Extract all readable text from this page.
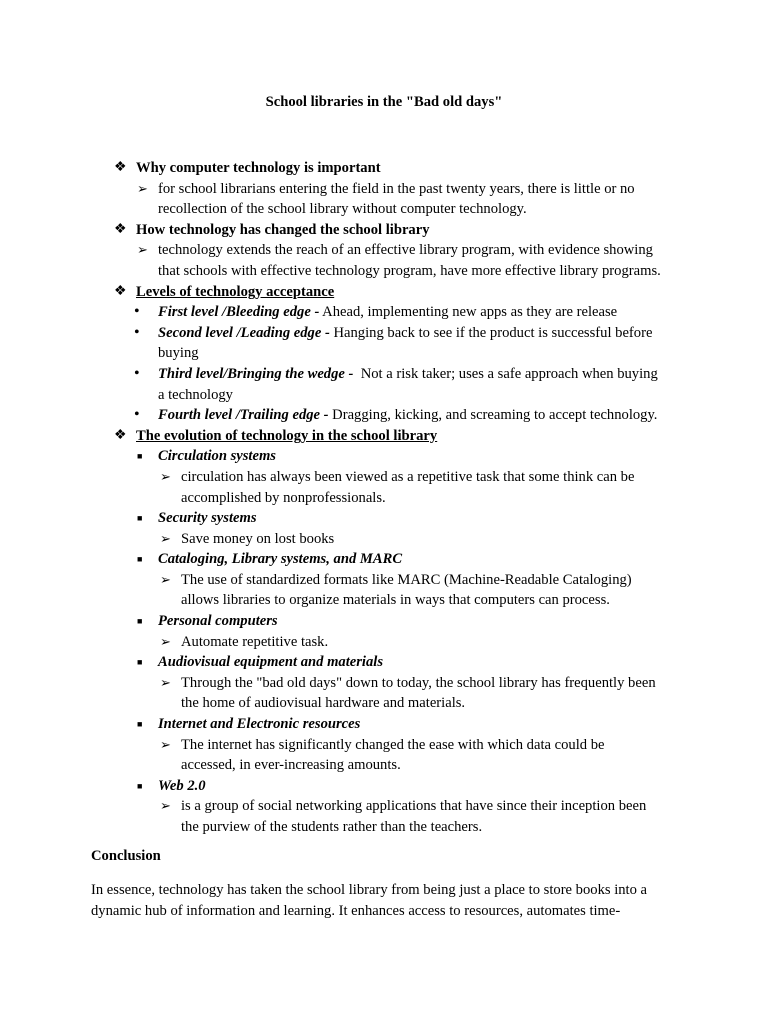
School libraries in the "Bad old days"
❖ Why computer technology is important
➢ for school librarians entering the field in the past twenty years, there is little or no
recollection of the school library without computer technology.
❖ How technology has changed the school library
➢ technology extends the reach of an effective library program, with evidence showing
that schools with effective technology program, have more effective library programs.
❖ Levels of technology acceptance
• First level /Bleeding edge - Ahead, implementing new apps as they are release
• Second level /Leading edge - Hanging back to see if the product is successful before
buying
• Third level/Bringing the wedge -  Not a risk taker; uses a safe approach when buying
a technology
• Fourth level /Trailing edge - Dragging, kicking, and screaming to accept technology.
❖ The evolution of technology in the school library
■ Circulation systems
➢ circulation has always been viewed as a repetitive task that some think can be
accomplished by nonprofessionals.
■ Security systems
➢ Save money on lost books
■ Cataloging, Library systems, and MARC
➢ The use of standardized formats like MARC (Machine-Readable Cataloging)
allows libraries to organize materials in ways that computers can process.
■ Personal computers
➢ Automate repetitive task.
■ Audiovisual equipment and materials
➢ Through the "bad old days" down to today, the school library has frequently been
the home of audiovisual hardware and materials.
■ Internet and Electronic resources
➢ The internet has significantly changed the ease with which data could be
accessed, in ever-increasing amounts.
■ Web 2.0
➢ is a group of social networking applications that have since their inception been
the purview of the students rather than the teachers.
Conclusion
In essence, technology has taken the school library from being just a place to store books into a
dynamic hub of information and learning. It enhances access to resources, automates time-
